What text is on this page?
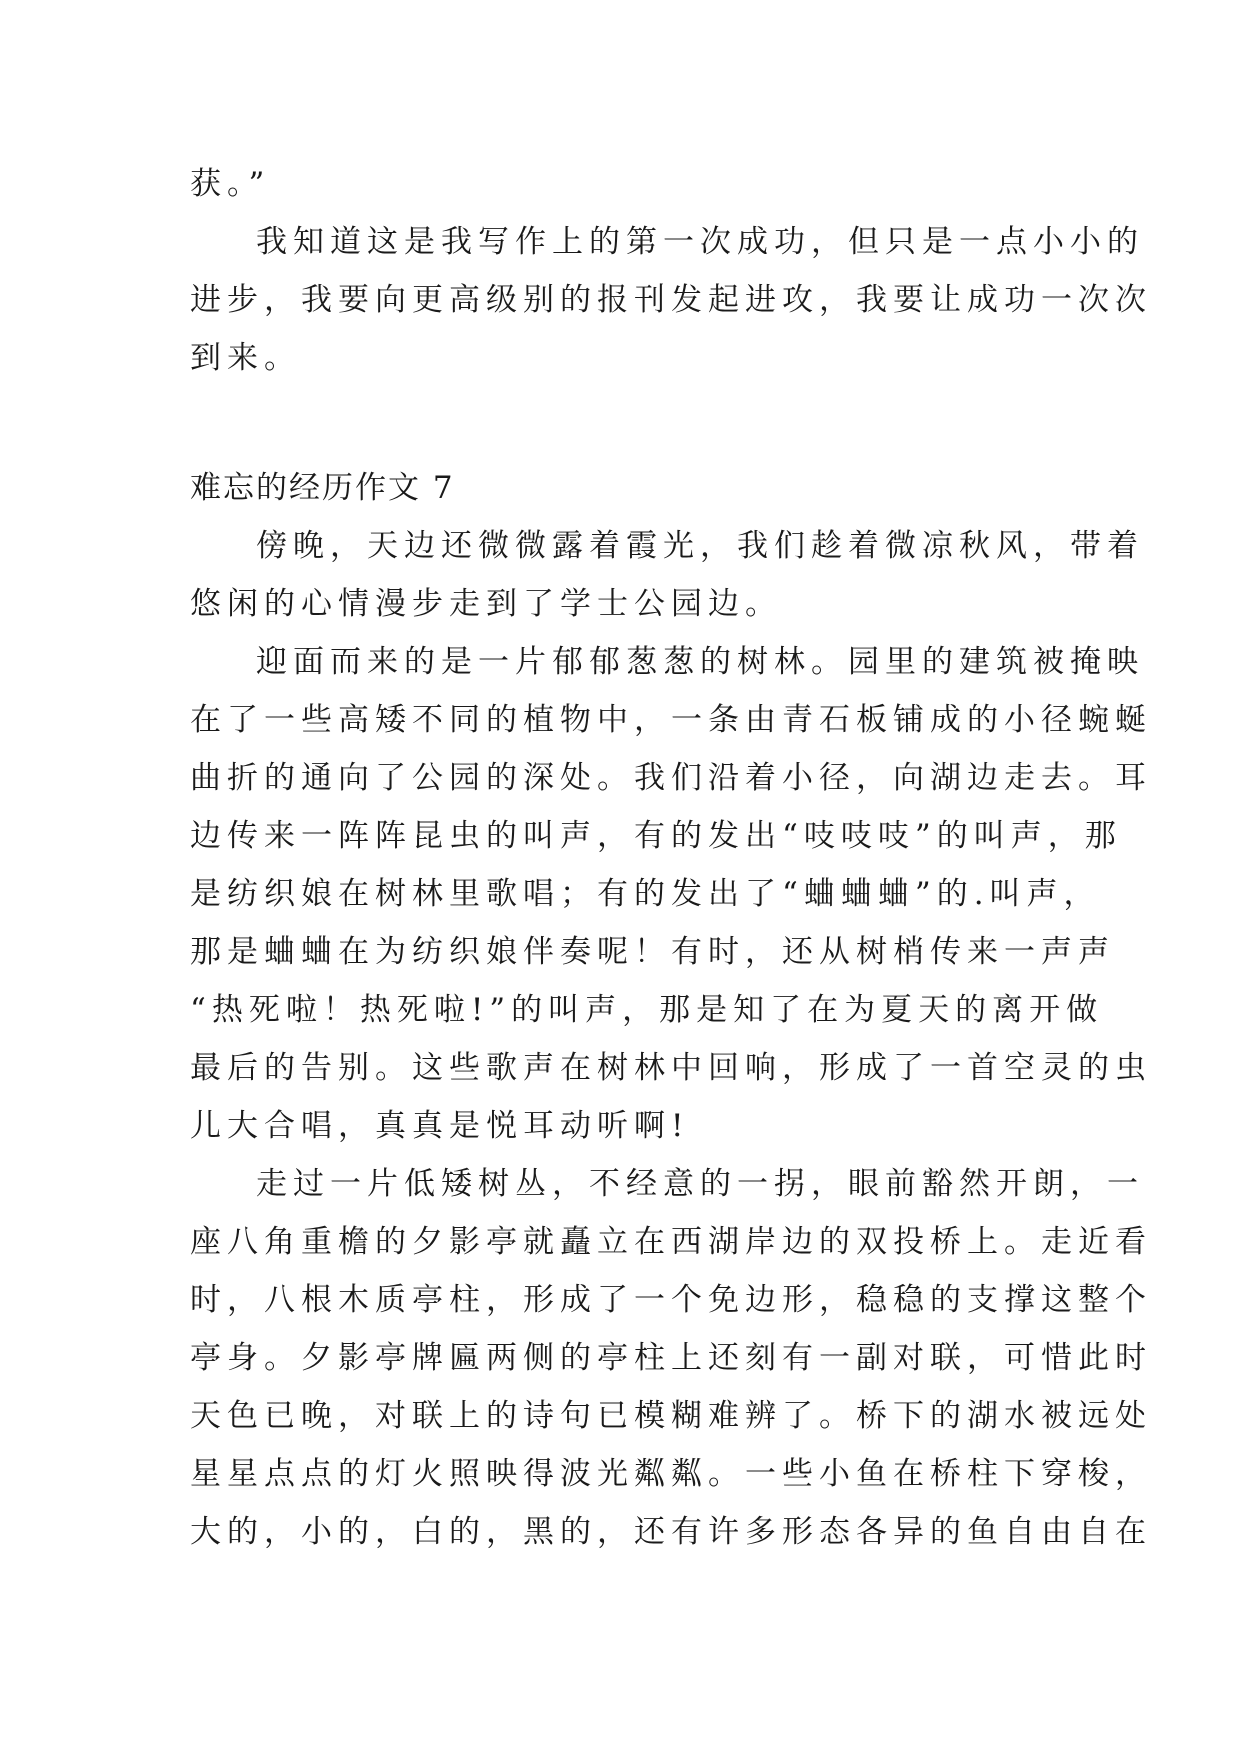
获。”
我知道这是我写作上的第一次成功，但只是一点小小的
进步，我要向更高级别的报刊发起进攻，我要让成功一次次
到来。
难忘的经历作文 7
傍晚，天边还微微露着霞光，我们趁着微凉秋风，带着
悠闲的心情漫步走到了学士公园边。
迎面而来的是一片郁郁葱葱的树林。园里的建筑被掩映
在了一些高矮不同的植物中，一条由青石板铺成的小径蜿蜒
曲折的通向了公园的深处。我们沿着小径，向湖边走去。耳
边传来一阵阵昆虫的叫声，有的发出“吱吱吱”的叫声，那
是纺织娘在树林里歌唱；有的发出了“蛐蛐蛐”的.叫声，
那是蛐蛐在为纺织娘伴奏呢！有时，还从树梢传来一声声
“热死啦！热死啦!”的叫声，那是知了在为夏天的离开做
最后的告别。这些歌声在树林中回响，形成了一首空灵的虫
儿大合唱，真真是悦耳动听啊!
走过一片低矮树丛，不经意的一拐，眼前豁然开朗，一
座八角重檐的夕影亭就矗立在西湖岸边的双投桥上。走近看
时，八根木质亭柱，形成了一个免边形，稳稳的支撑这整个
亭身。夕影亭牌匾两侧的亭柱上还刻有一副对联，可惜此时
天色已晚，对联上的诗句已模糊难辨了。桥下的湖水被远处
星星点点的灯火照映得波光粼粼。一些小鱼在桥柱下穿梭，
大的，小的，白的，黑的，还有许多形态各异的鱼自由自在
